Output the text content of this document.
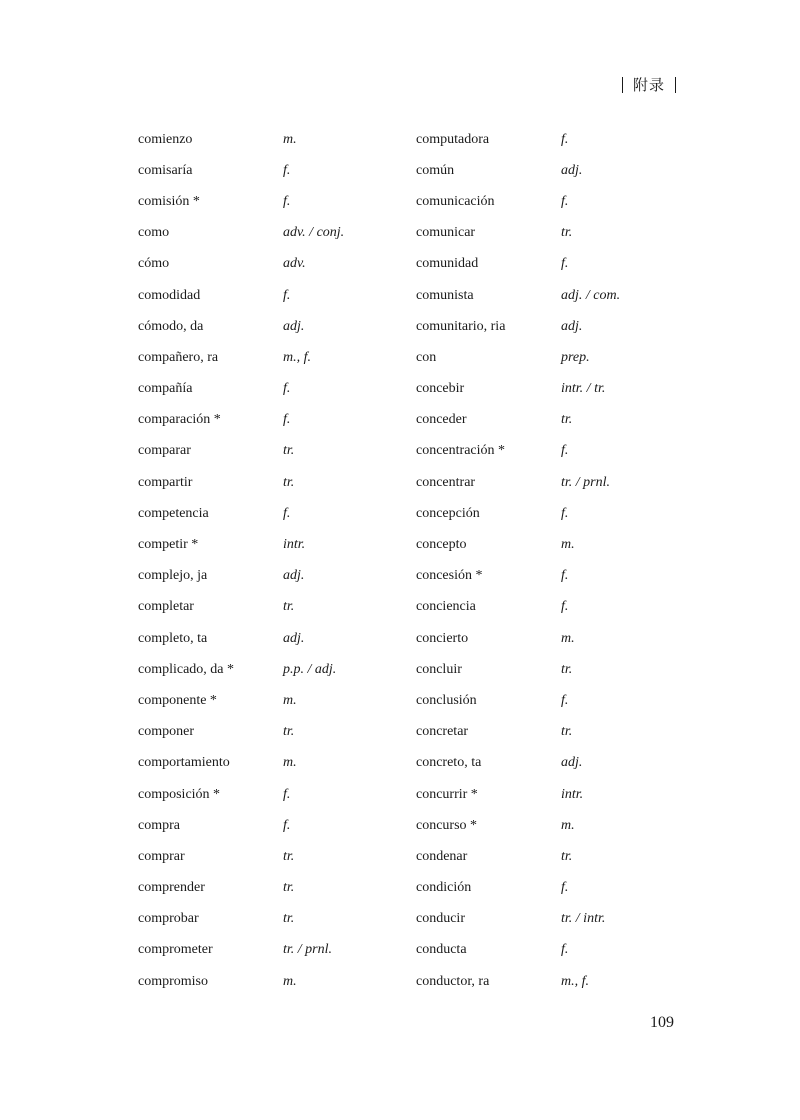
附录
comienzo	m.
comisaría	f.
comisión *	f.
como	adv. / conj.
cómo	adv.
comodidad	f.
cómodo, da	adj.
compañero, ra	m., f.
compañía	f.
comparación *	f.
comparar	tr.
compartir	tr.
competencia	f.
competir *	intr.
complejo, ja	adj.
completar	tr.
completo, ta	adj.
complicado, da *	p.p. / adj.
componente *	m.
componer	tr.
comportamiento	m.
composición *	f.
compra	f.
comprar	tr.
comprender	tr.
comprobar	tr.
comprometer	tr. / prnl.
compromiso	m.
computadora	f.
común	adj.
comunicación	f.
comunicar	tr.
comunidad	f.
comunista	adj. / com.
comunitario, ria	adj.
con	prep.
concebir	intr. / tr.
conceder	tr.
concentración *	f.
concentrar	tr. / prnl.
concepción	f.
concepto	m.
concesión *	f.
conciencia	f.
concierto	m.
concluir	tr.
conclusión	f.
concretar	tr.
concreto, ta	adj.
concurrir *	intr.
concurso *	m.
condenar	tr.
condición	f.
conducir	tr. / intr.
conducta	f.
conductor, ra	m., f.
109
